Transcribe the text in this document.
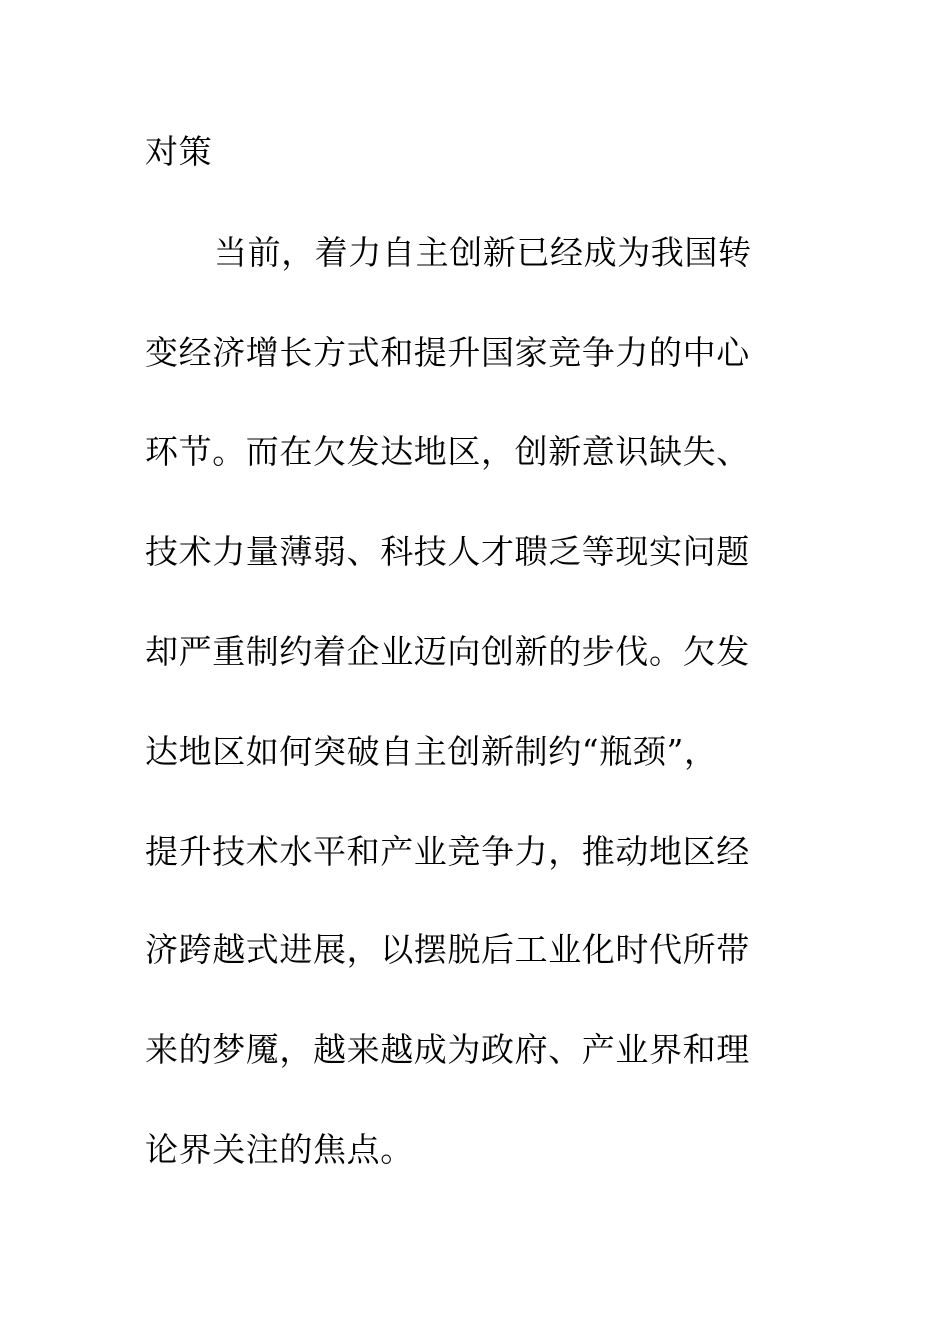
对策
当前，着力自主创新已经成为我国转
变经济增长方式和提升国家竞争力的中心
环节。而在欠发达地区，创新意识缺失、
技术力量薄弱、科技人才聩乏等现实问题
却严重制约着企业迈向创新的步伐。欠发
达地区如何突破自主创新制约“瓶颈”，
提升技术水平和产业竞争力，推动地区经
济跨越式进展，以摆脱后工业化时代所带
来的梦魇，越来越成为政府、产业界和理
论界关注的焦点。
